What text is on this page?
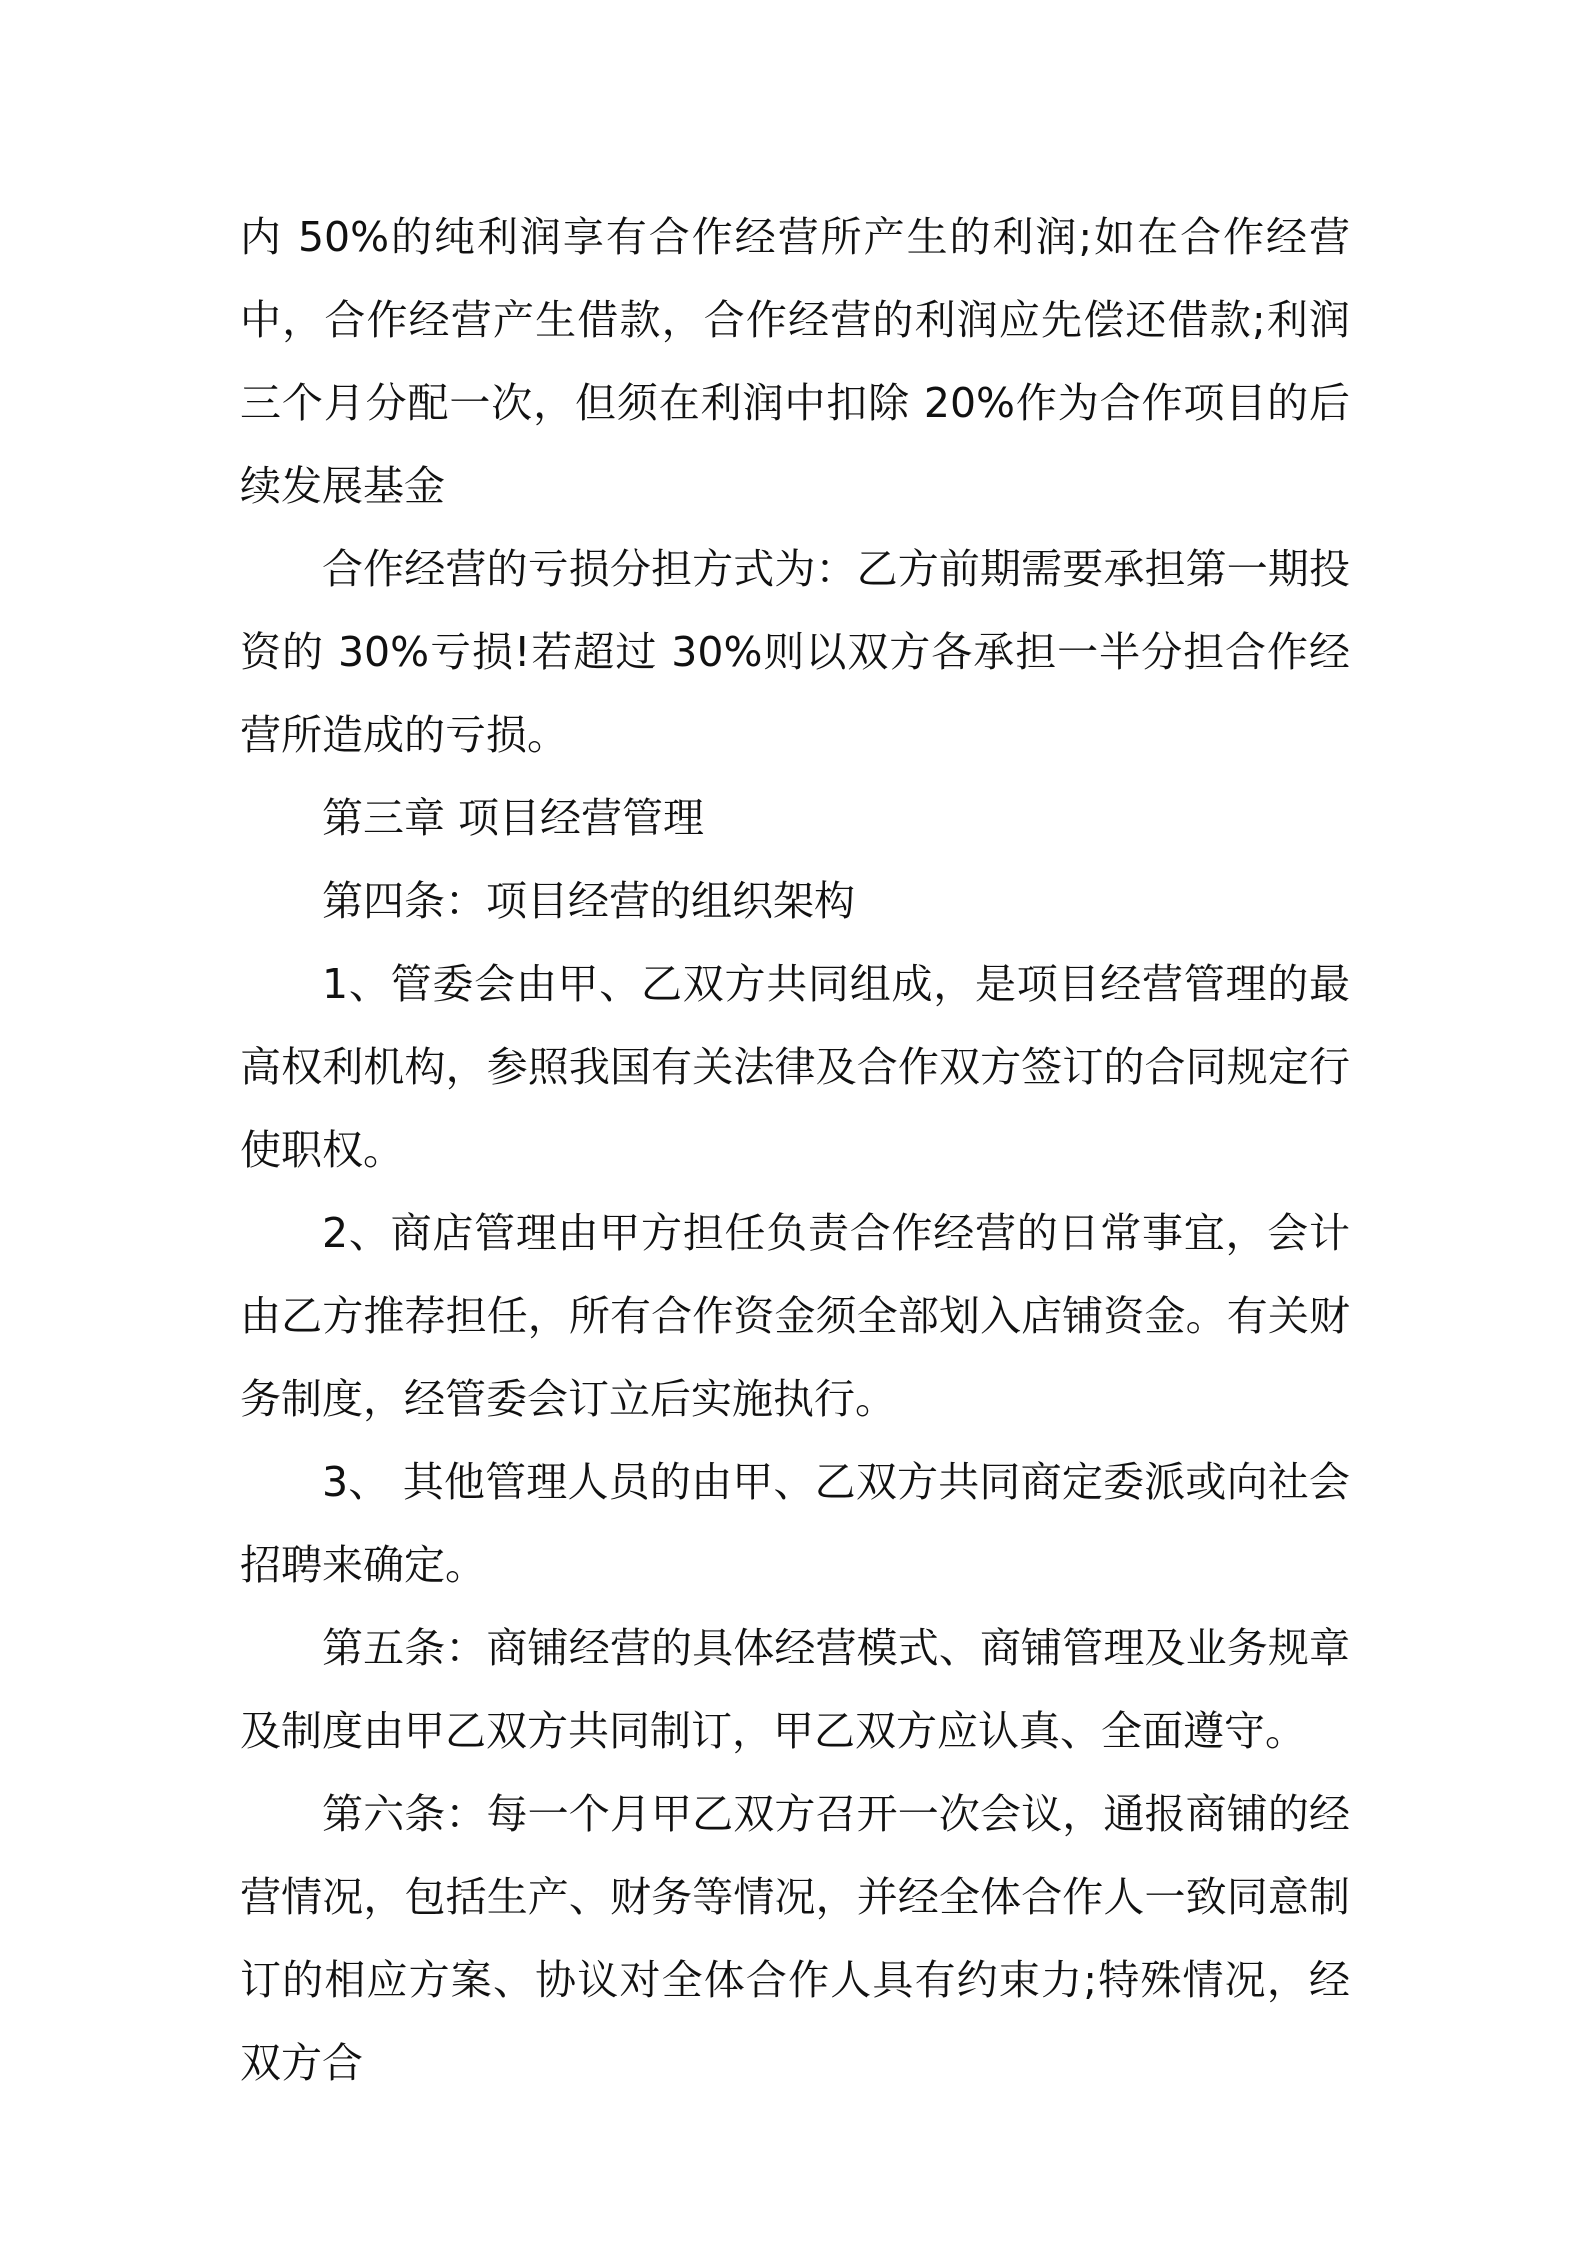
内 50%的纯利润享有合作经营所产生的利润;如在合作经营中，合作经营产生借款，合作经营的利润应先偿还借款;利润三个月分配一次，但须在利润中扣除 20%作为合作项目的后续发展基金

合作经营的亏损分担方式为：乙方前期需要承担第一期投资的 30%亏损!若超过 30%则以双方各承担一半分担合作经营所造成的亏损。

第三章 项目经营管理

第四条：项目经营的组织架构

1、管委会由甲、乙双方共同组成，是项目经营管理的最高权利机构，参照我国有关法律及合作双方签订的合同规定行使职权。

2、商店管理由甲方担任负责合作经营的日常事宜，会计由乙方推荐担任，所有合作资金须全部划入店铺资金。有关财务制度，经管委会订立后实施执行。

3、 其他管理人员的由甲、乙双方共同商定委派或向社会招聘来确定。

第五条：商铺经营的具体经营模式、商铺管理及业务规章及制度由甲乙双方共同制订，甲乙双方应认真、全面遵守。

第六条：每一个月甲乙双方召开一次会议，通报商铺的经营情况，包括生产、财务等情况，并经全体合作人一致同意制订的相应方案、协议对全体合作人具有约束力;特殊情况，经双方合
